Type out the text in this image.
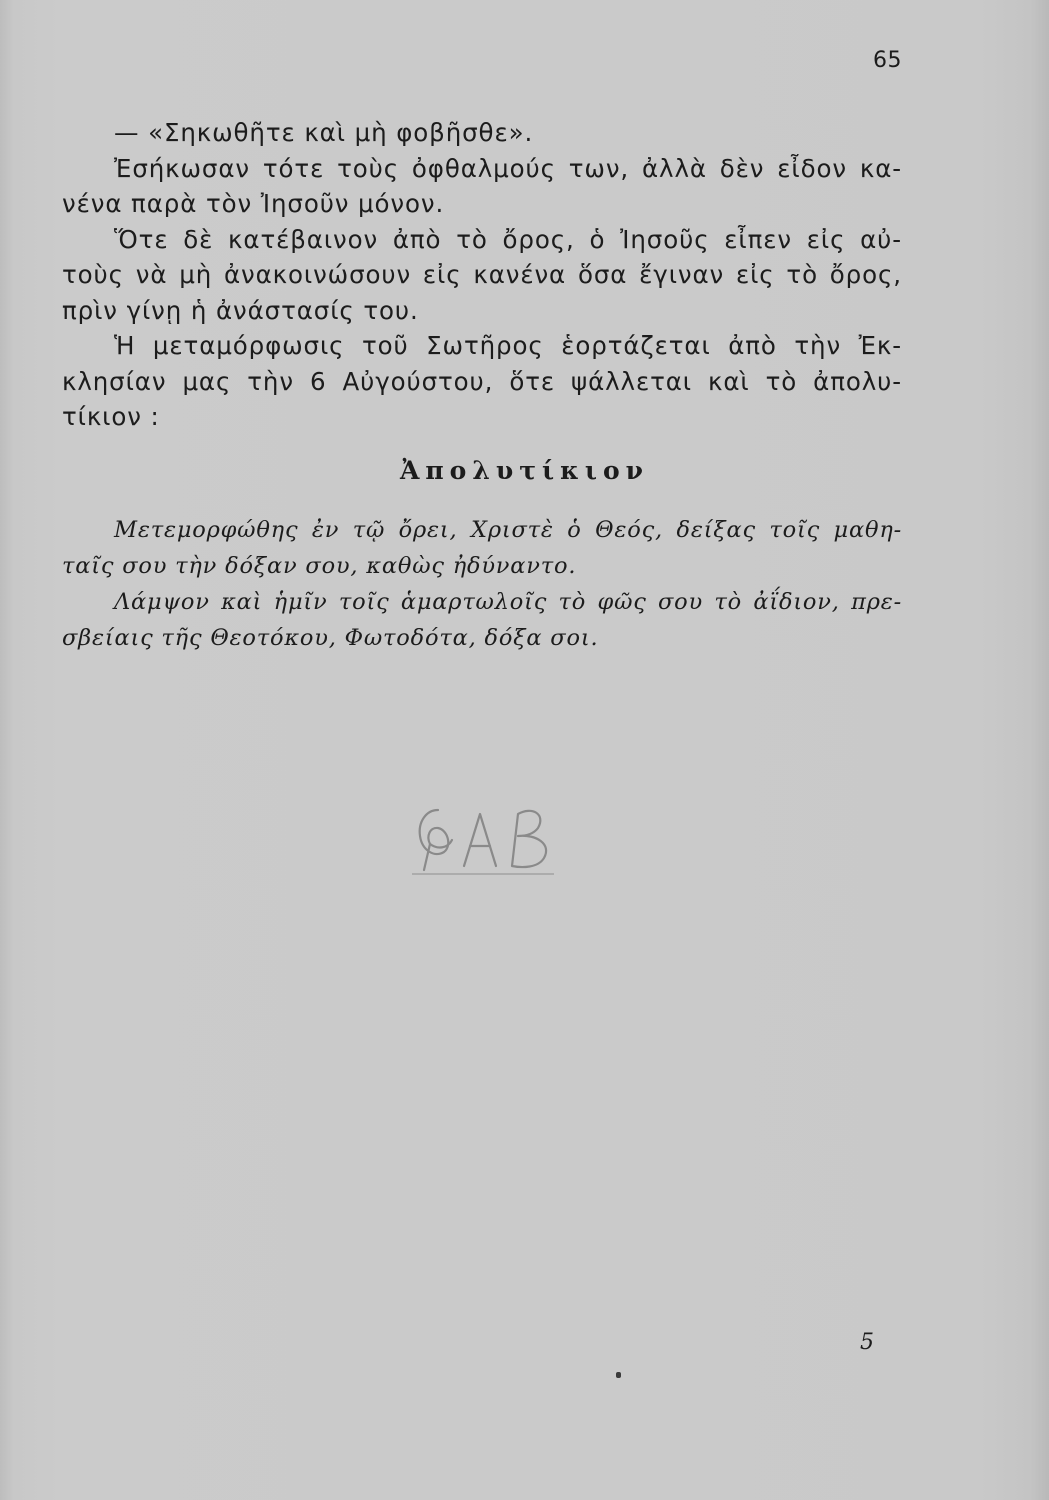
65
— «Σηκωθῆτε καὶ μὴ φοβῆσθε».
Ἐσήκωσαν τότε τοὺς ὀφθαλμούς των, ἀλλὰ δὲν εἶδον κα-
νένα παρὰ τὸν Ἰησοῦν μόνον.
Ὅτε δὲ κατέβαινον ἀπὸ τὸ ὄρος, ὁ Ἰησοῦς εἶπεν εἰς αὐ-
τοὺς νὰ μὴ ἀνακοινώσουν εἰς κανένα ὅσα ἔγιναν εἰς τὸ ὄρος,
πρὶν γίνῃ ἡ ἀνάστασίς του.
Ἡ μεταμόρφωσις τοῦ Σωτῆρος ἑορτάζεται ἀπὸ τὴν Ἐκ-
κλησίαν μας τὴν 6 Αὐγούστου, ὅτε ψάλλεται καὶ τὸ ἀπολυ-
τίκιον :
Ἀπολυτίκιον
Μετεμορφώθης ἐν τῷ ὄρει, Χριστὲ ὁ Θεός, δείξας τοῖς μαθη-
ταῖς σου τὴν δόξαν σου, καθὼς ἠδύναντο.
Λάμψον καὶ ἡμῖν τοῖς ἁμαρτωλοῖς τὸ φῶς σου τὸ ἀΐδιον, πρε-
σβείαις τῆς Θεοτόκου, Φωτοδότα, δόξα σοι.
5
